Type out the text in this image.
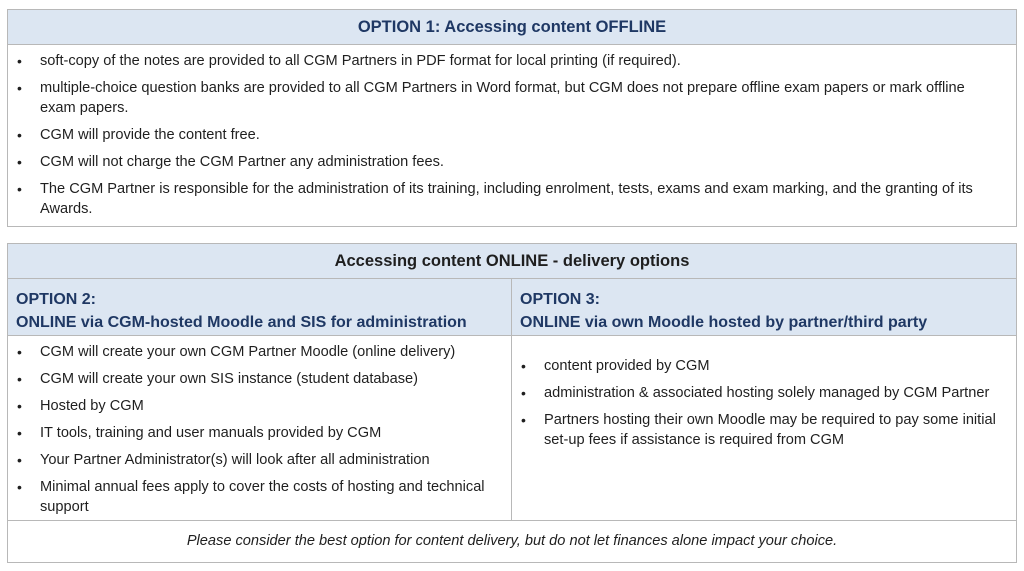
OPTION 1: Accessing content OFFLINE
• soft-copy of the notes are provided to all CGM Partners in PDF format for local printing (if required).
• multiple-choice question banks are provided to all CGM Partners in Word format, but CGM does not prepare offline exam papers or mark offline exam papers.
• CGM will provide the content free.
• CGM will not charge the CGM Partner any administration fees.
• The CGM Partner is responsible for the administration of its training, including enrolment, tests, exams and exam marking, and the granting of its Awards.
Accessing content ONLINE - delivery options
OPTION 2:
ONLINE via CGM-hosted Moodle and SIS for administration
OPTION 3:
ONLINE via own Moodle hosted by partner/third party
• CGM will create your own CGM Partner Moodle (online delivery)
• CGM will create your own SIS instance (student database)
• Hosted by CGM
• IT tools, training and user manuals provided by CGM
• Your Partner Administrator(s) will look after all administration
• Minimal annual fees apply to cover the costs of hosting and technical support
• content provided by CGM
• administration & associated hosting solely managed by CGM Partner
• Partners hosting their own Moodle may be required to pay some initial set-up fees if assistance is required from CGM
Please consider the best option for content delivery, but do not let finances alone impact your choice.
